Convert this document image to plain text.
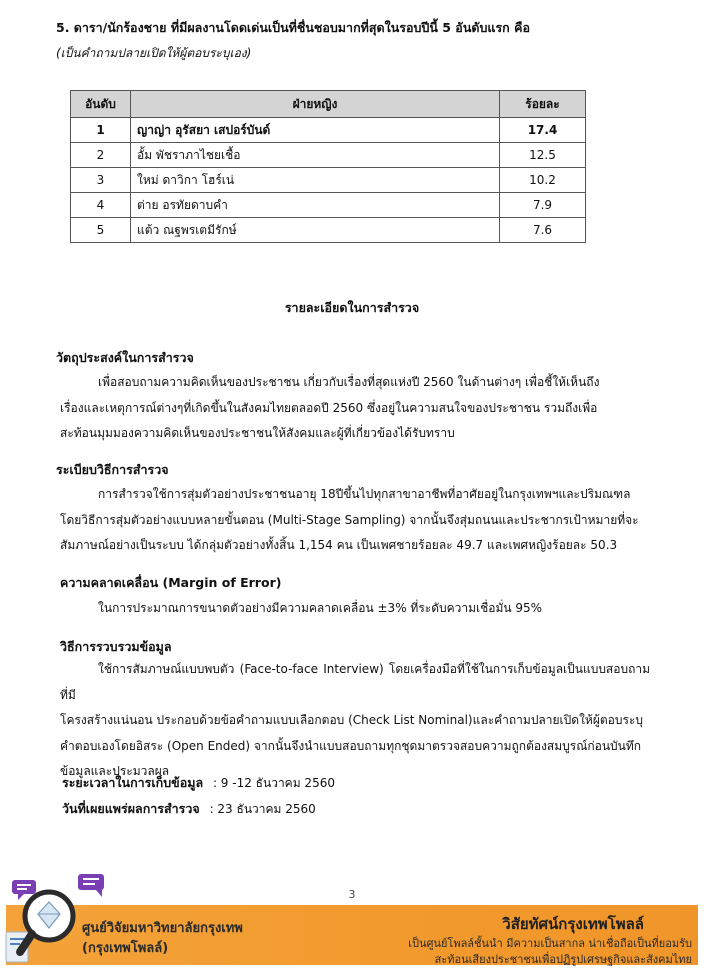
5. ดารา/นักร้องชาย ที่มีผลงานโดดเด่นเป็นที่ชื่นชอบมากที่สุดในรอบปีนี้ 5 อันดับแรก คือ
(เป็นคำถามปลายเปิดให้ผู้ตอบระบุเอง)
อันดับ	ฝ่ายหญิง	ร้อยละ
1	ญาญ่า อุรัสยา เสปอร์บันด์	17.4
2	อั้ม พัชราภาไชยเชื้อ	12.5
3	ใหม่ ดาวิกา โฮร์เน่	10.2
4	ต่าย อรทัยดาบคำ	7.9
5	แต้ว ณฐพรเตมีรักษ์	7.6
รายละเอียดในการสำรวจ
วัตถุประสงค์ในการสำรวจ
เพื่อสอบถามความคิดเห็นของประชาชน เกี่ยวกับเรื่องที่สุดแห่งปี 2560 ในด้านต่างๆ เพื่อชี้ให้เห็นถึง
เรื่องและเหตุการณ์ต่างๆที่เกิดขึ้นในสังคมไทยตลอดปี 2560 ซึ่งอยู่ในความสนใจของประชาชน รวมถึงเพื่อ
สะท้อนมุมมองความคิดเห็นของประชาชนให้สังคมและผู้ที่เกี่ยวข้องได้รับทราบ
ระเบียบวิธีการสำรวจ
การสำรวจใช้การสุ่มตัวอย่างประชาชนอายุ 18ปีขึ้นไปทุกสาขาอาชีพที่อาศัยอยู่ในกรุงเทพฯและปริมณฑล
โดยวิธีการสุ่มตัวอย่างแบบหลายขั้นตอน (Multi-Stage Sampling) จากนั้นจึงสุ่มถนนและประชากรเป้าหมายที่จะ
สัมภาษณ์อย่างเป็นระบบ ได้กลุ่มตัวอย่างทั้งสิ้น 1,154 คน เป็นเพศชายร้อยละ 49.7 และเพศหญิงร้อยละ 50.3
ความคลาดเคลื่อน (Margin of Error)
ในการประมาณการขนาดตัวอย่างมีความคลาดเคลื่อน ±3% ที่ระดับความเชื่อมั่น 95%
วิธีการรวบรวมข้อมูล
ใช้การสัมภาษณ์แบบพบตัว (Face-to-face Interview) โดยเครื่องมือที่ใช้ในการเก็บข้อมูลเป็นแบบสอบถามที่มี
โครงสร้างแน่นอน ประกอบด้วยข้อคำถามแบบเลือกตอบ (Check List Nominal)และคำถามปลายเปิดให้ผู้ตอบระบุ
คำตอบเองโดยอิสระ (Open Ended) จากนั้นจึงนำแบบสอบถามทุกชุดมาตรวจสอบความถูกต้องสมบูรณ์ก่อนบันทึก
ข้อมูลและประมวลผล
ระยะเวลาในการเก็บข้อมูล : 9 -12 ธันวาคม 2560
วันที่เผยแพร่ผลการสำรวจ : 23 ธันวาคม 2560
3
ศูนย์วิจัยมหาวิทยาลัยกรุงเทพ
(กรุงเทพโพลล์)
วิสัยทัศน์กรุงเทพโพลล์
เป็นศูนย์โพลล์ชั้นนำ มีความเป็นสากล น่าเชื่อถือเป็นที่ยอมรับ
สะท้อนเสียงประชาชนเพื่อปฏิรูปเศรษฐกิจและสังคมไทย
